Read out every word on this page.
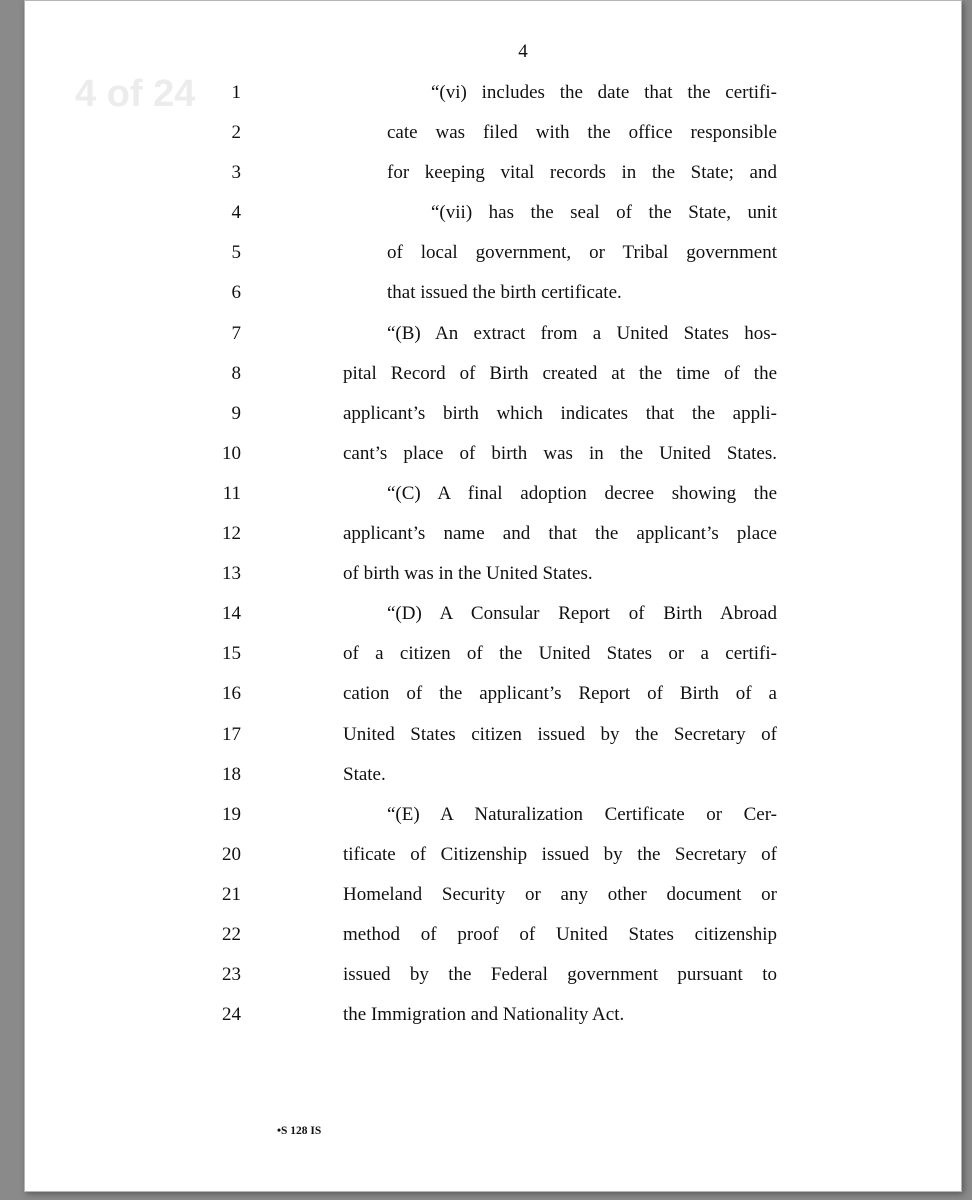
4
4 of 24	1	“(vi) includes the date that the certifi-
2	cate was filed with the office responsible
3	for keeping vital records in the State; and
4	“(vii) has the seal of the State, unit
5	of local government, or Tribal government
6	that issued the birth certificate.
7	“(B) An extract from a United States hos-
8	pital Record of Birth created at the time of the
9	applicant’s birth which indicates that the appli-
10	cant’s place of birth was in the United States.
11	“(C) A final adoption decree showing the
12	applicant’s name and that the applicant’s place
13	of birth was in the United States.
14	“(D) A Consular Report of Birth Abroad
15	of a citizen of the United States or a certifi-
16	cation of the applicant’s Report of Birth of a
17	United States citizen issued by the Secretary of
18	State.
19	“(E) A Naturalization Certificate or Cer-
20	tificate of Citizenship issued by the Secretary of
21	Homeland Security or any other document or
22	method of proof of United States citizenship
23	issued by the Federal government pursuant to
24	the Immigration and Nationality Act.
•S 128 IS
